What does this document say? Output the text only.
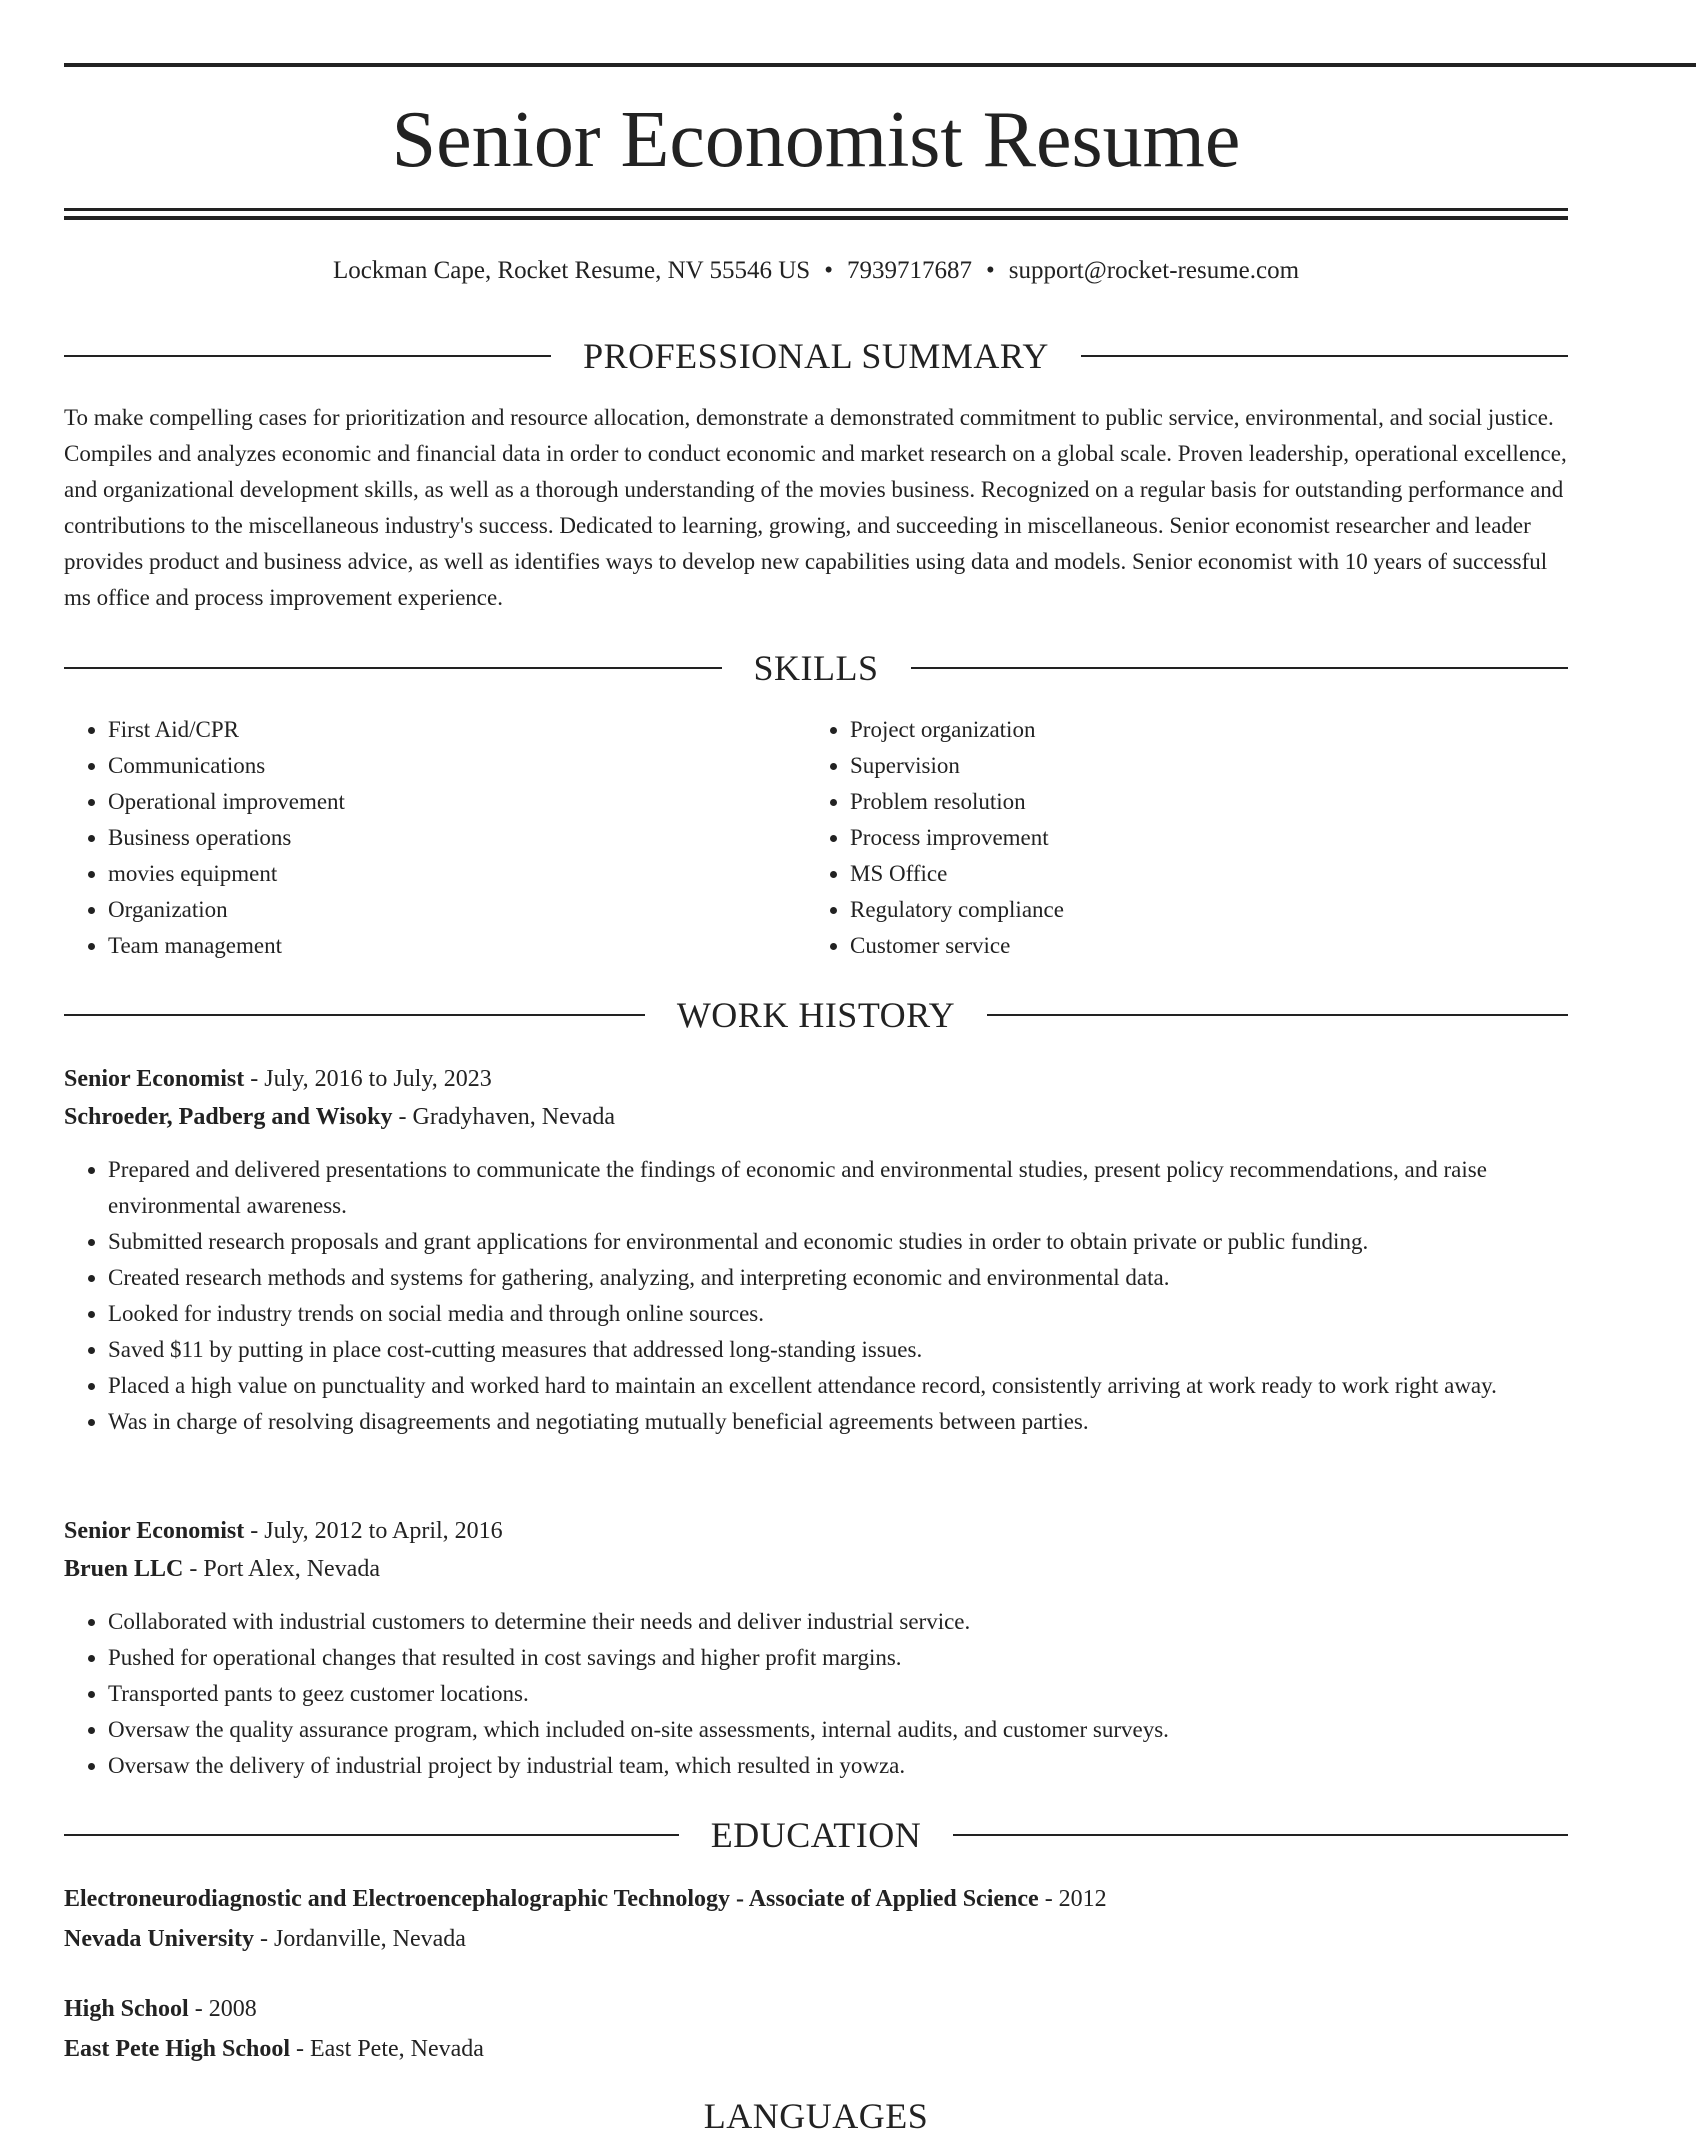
Senior Economist Resume
Lockman Cape, Rocket Resume, NV 55546 US • 7939717687 • support@rocket-resume.com
PROFESSIONAL SUMMARY

To make compelling cases for prioritization and resource allocation, demonstrate a demonstrated commitment to public service, environmental, and social justice. Compiles and analyzes economic and financial data in order to conduct economic and market research on a global scale. Proven leadership, operational excellence, and organizational development skills, as well as a thorough understanding of the movies business. Recognized on a regular basis for outstanding performance and contributions to the miscellaneous industry's success. Dedicated to learning, growing, and succeeding in miscellaneous. Senior economist researcher and leader provides product and business advice, as well as identifies ways to develop new capabilities using data and models. Senior economist with 10 years of successful ms office and process improvement experience.

SKILLS
• First Aid/CPR
• Communications
• Operational improvement
• Business operations
• movies equipment
• Organization
• Team management
• Project organization
• Supervision
• Problem resolution
• Process improvement
• MS Office
• Regulatory compliance
• Customer service
WORK HISTORY
Senior Economist - July, 2016 to July, 2023
Schroeder, Padberg and Wisoky - Gradyhaven, Nevada
• Prepared and delivered presentations to communicate the findings of economic and environmental studies, present policy recommendations, and raise environmental awareness.
• Submitted research proposals and grant applications for environmental and economic studies in order to obtain private or public funding.
• Created research methods and systems for gathering, analyzing, and interpreting economic and environmental data.
• Looked for industry trends on social media and through online sources.
• Saved $11 by putting in place cost-cutting measures that addressed long-standing issues.
• Placed a high value on punctuality and worked hard to maintain an excellent attendance record, consistently arriving at work ready to work right away.
• Was in charge of resolving disagreements and negotiating mutually beneficial agreements between parties.
Senior Economist - July, 2012 to April, 2016
Bruen LLC - Port Alex, Nevada
• Collaborated with industrial customers to determine their needs and deliver industrial service.
• Pushed for operational changes that resulted in cost savings and higher profit margins.
• Transported pants to geez customer locations.
• Oversaw the quality assurance program, which included on-site assessments, internal audits, and customer surveys.
• Oversaw the delivery of industrial project by industrial team, which resulted in yowza.
EDUCATION
Electroneurodiagnostic and Electroencephalographic Technology - Associate of Applied Science - 2012
Nevada University - Jordanville, Nevada
High School - 2008
East Pete High School - East Pete, Nevada
LANGUAGES
